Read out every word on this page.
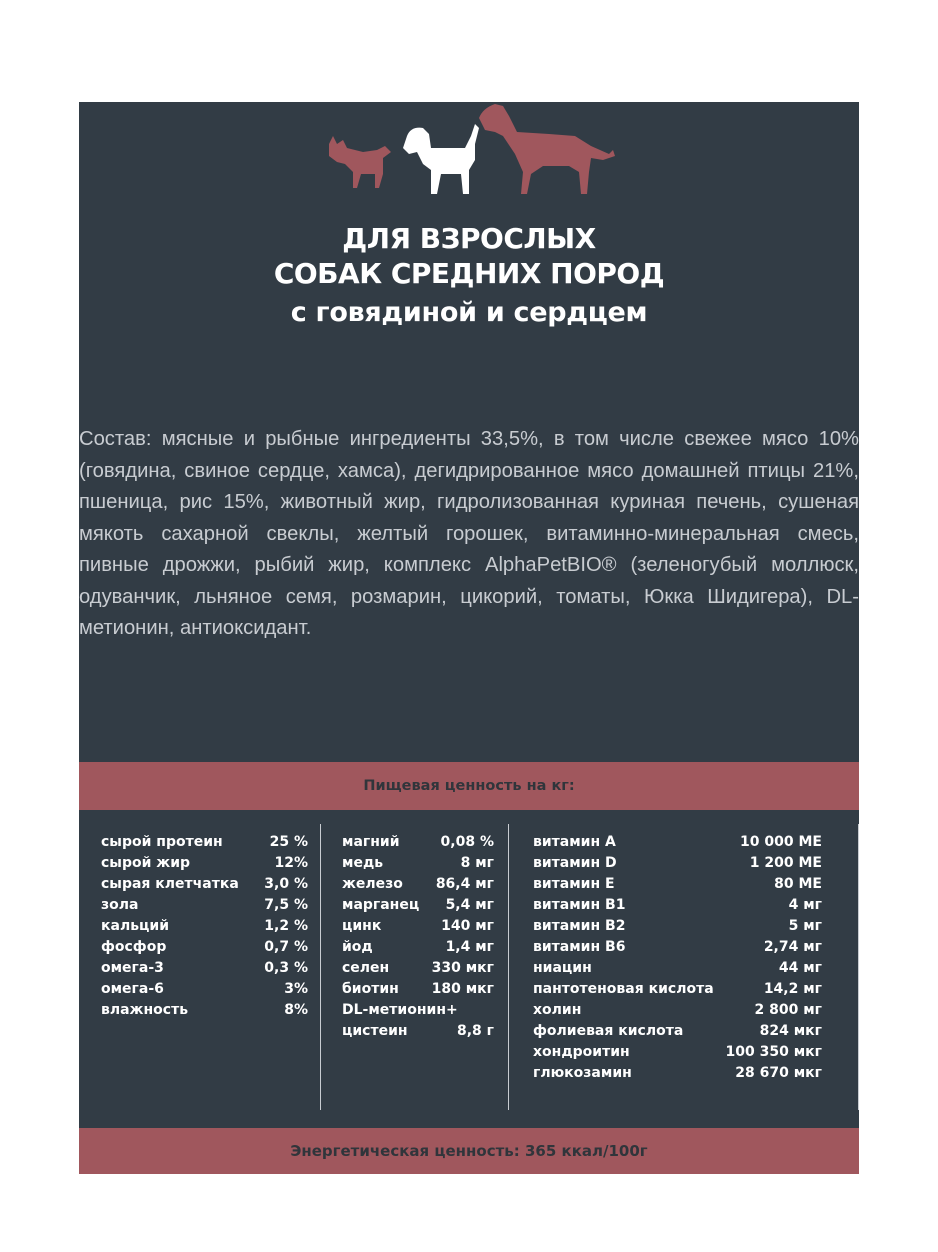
ДЛЯ ВЗРОСЛЫХ
СОБАК СРЕДНИХ ПОРОД
с говядиной и сердцем

Состав: мясные и рыбные ингредиенты 33,5%, в том числе свежее мясо 10% (говядина, свиное сердце, хамса), дегидрированное мясо домашней птицы 21%, пшеница, рис 15%, животный жир, гидролизованная куриная печень, сушеная мякоть сахарной свеклы, желтый горошек, витаминно-минеральная смесь, пивные дрожжи, рыбий жир, комплекс AlphaPetBIO® (зеленогубый моллюск, одуванчик, льняное семя, розмарин, цикорий, томаты, Юкка Шидигера), DL-метионин, антиоксидант.

Пищевая ценность на кг:
сырой протеин	25 %
сырой жир	12%
сырая клетчатка 3,0 %
зола	7,5 %
кальций	1,2 %
фосфор	0,7 %
омега-3	0,3 %
омега-6	3%
влажность	8%
магний	0,08 %
медь	8 мг
железо 86,4 мг
марганец 5,4 мг
цинк	140 мг
йод	1,4 мг
селен	330 мкг
биотин 180 мкг
DL-метионин+
цистеин	8,8 г
витамин А	10 000 МЕ
витамин D	1 200 МЕ
витамин Е	80 МЕ
витамин В1	4 мг
витамин В2	5 мг
витамин В6	2,74 мг
ниацин	44 мг
пантотеновая кислота	14,2 мг
холин	2 800 мг
фолиевая кислота	824 мкг
хондроитин	100 350 мкг
глюкозамин	28 670 мкг
Энергетическая ценность: 365 ккал/100г
